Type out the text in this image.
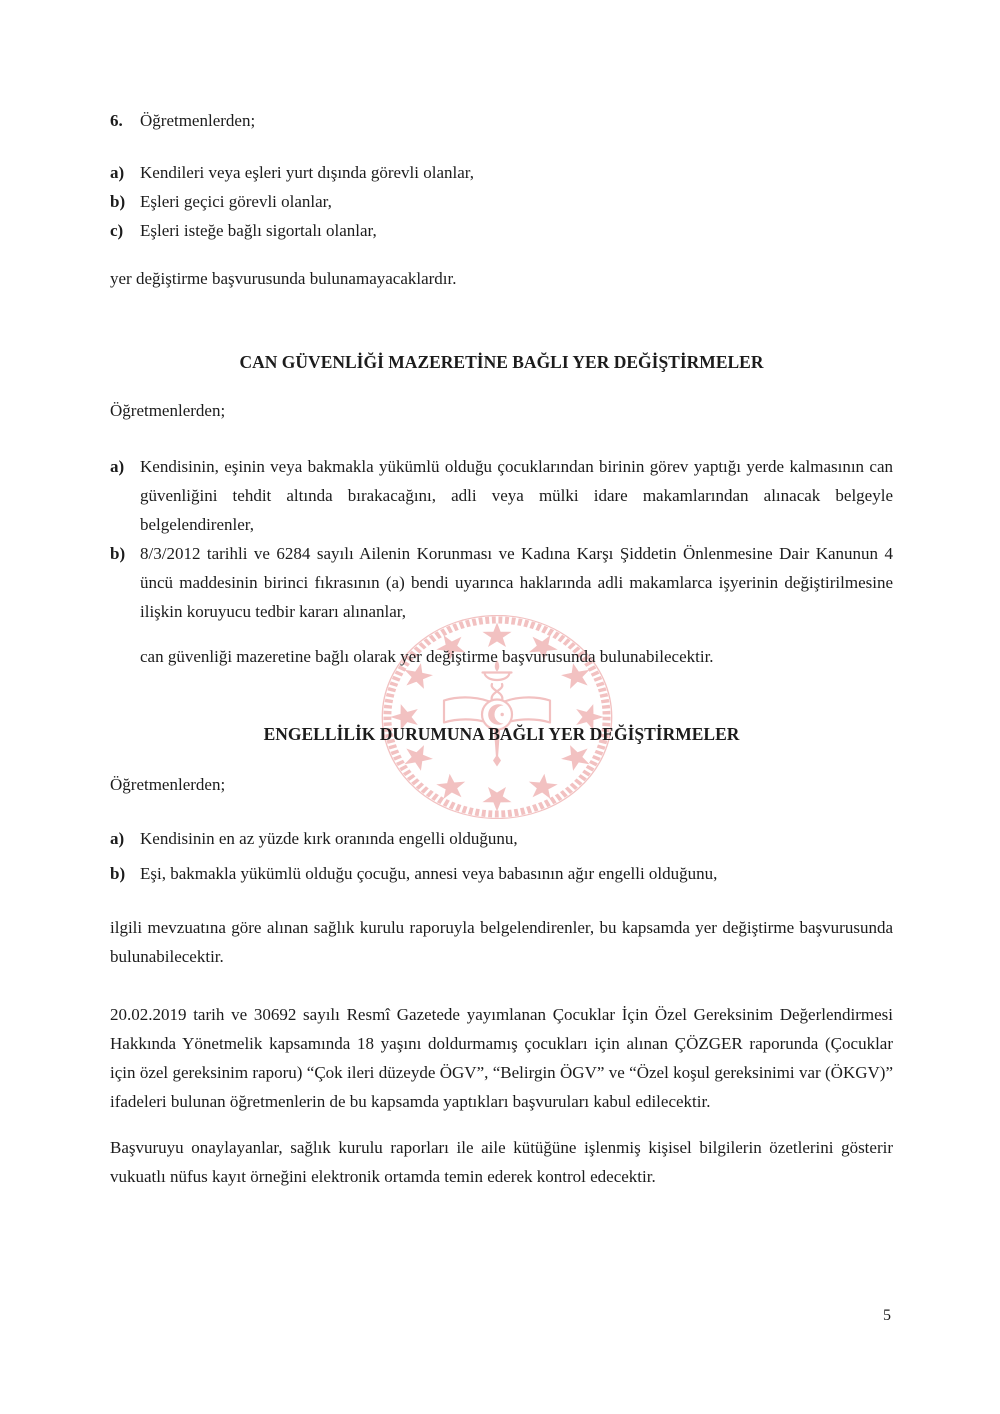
6.	Öğretmenlerden;
a) Kendileri veya eşleri yurt dışında görevli olanlar,
b) Eşleri geçici görevli olanlar,
c) Eşleri isteğe bağlı sigortalı olanlar,

yer değiştirme başvurusunda bulunamayacaklardır.

CAN GÜVENLİĞİ MAZERETİNE BAĞLI YER DEĞİŞTİRMELER

Öğretmenlerden;

a) Kendisinin, eşinin veya bakmakla yükümlü olduğu çocuklarından birinin görev yaptığı yerde kalmasının can güvenliğini tehdit altında bırakacağını, adli veya mülki idare makamlarından alınacak belgeyle belgelendirenler,
b) 8/3/2012 tarihli ve 6284 sayılı Ailenin Korunması ve Kadına Karşı Şiddetin Önlenmesine Dair Kanunun 4 üncü maddesinin birinci fıkrasının (a) bendi uyarınca haklarında adli makamlarca işyerinin değiştirilmesine ilişkin koruyucu tedbir kararı alınanlar,

can güvenliği mazeretine bağlı olarak yer değiştirme başvurusunda bulunabilecektir.

ENGELLİLİK DURUMUNA BAĞLI YER DEĞİŞTİRMELER

Öğretmenlerden;

a) Kendisinin en az yüzde kırk oranında engelli olduğunu,
b) Eşi, bakmakla yükümlü olduğu çocuğu, annesi veya babasının ağır engelli olduğunu,

ilgili mevzuatına göre alınan sağlık kurulu raporuyla belgelendirenler, bu kapsamda yer değiştirme başvurusunda bulunabilecektir.

20.02.2019 tarih ve 30692 sayılı Resmî Gazetede yayımlanan Çocuklar İçin Özel Gereksinim Değerlendirmesi Hakkında Yönetmelik kapsamında 18 yaşını doldurmamış çocukları için alınan ÇÖZGER raporunda (Çocuklar için özel gereksinim raporu) “Çok ileri düzeyde ÖGV”, “Belirgin ÖGV” ve “Özel koşul gereksinimi var (ÖKGV)” ifadeleri bulunan öğretmenlerin de bu kapsamda yaptıkları başvuruları kabul edilecektir.

Başvuruyu onaylayanlar, sağlık kurulu raporları ile aile kütüğüne işlenmiş kişisel bilgilerin özetlerini gösterir vukuatlı nüfus kayıt örneğini elektronik ortamda temin ederek kontrol edecektir.

5
